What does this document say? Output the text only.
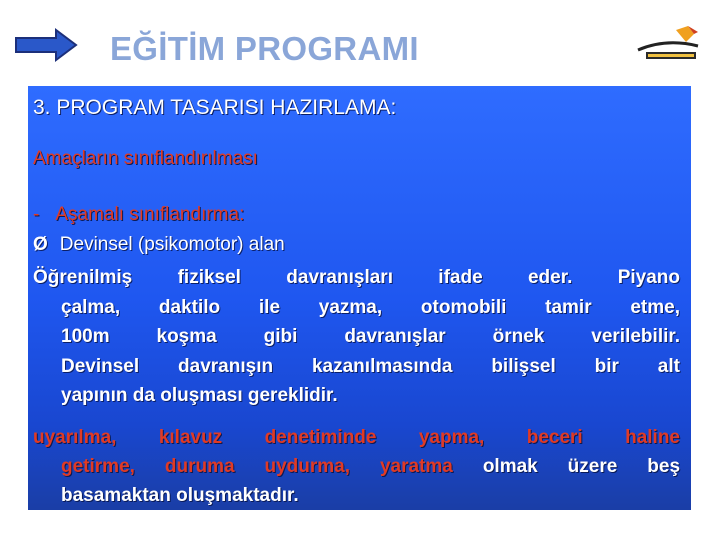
EĞİTİM PROGRAMI
3. PROGRAM TASARISI HAZIRLAMA:
Amaçların sınıflandırılması
- Aşamalı sınıflandırma:
Ø Devinsel (psikomotor) alan
Öğrenilmiş fiziksel davranışları ifade eder. Piyano
çalma, daktilo ile yazma, otomobili tamir etme,
100m koşma gibi davranışlar örnek verilebilir.
Devinsel davranışın kazanılmasında bilişsel bir alt
yapının da oluşması gereklidir.
uyarılma, kılavuz denetiminde yapma, beceri haline
getirme, duruma uydurma, yaratma olmak üzere beş
basamaktan oluşmaktadır.
